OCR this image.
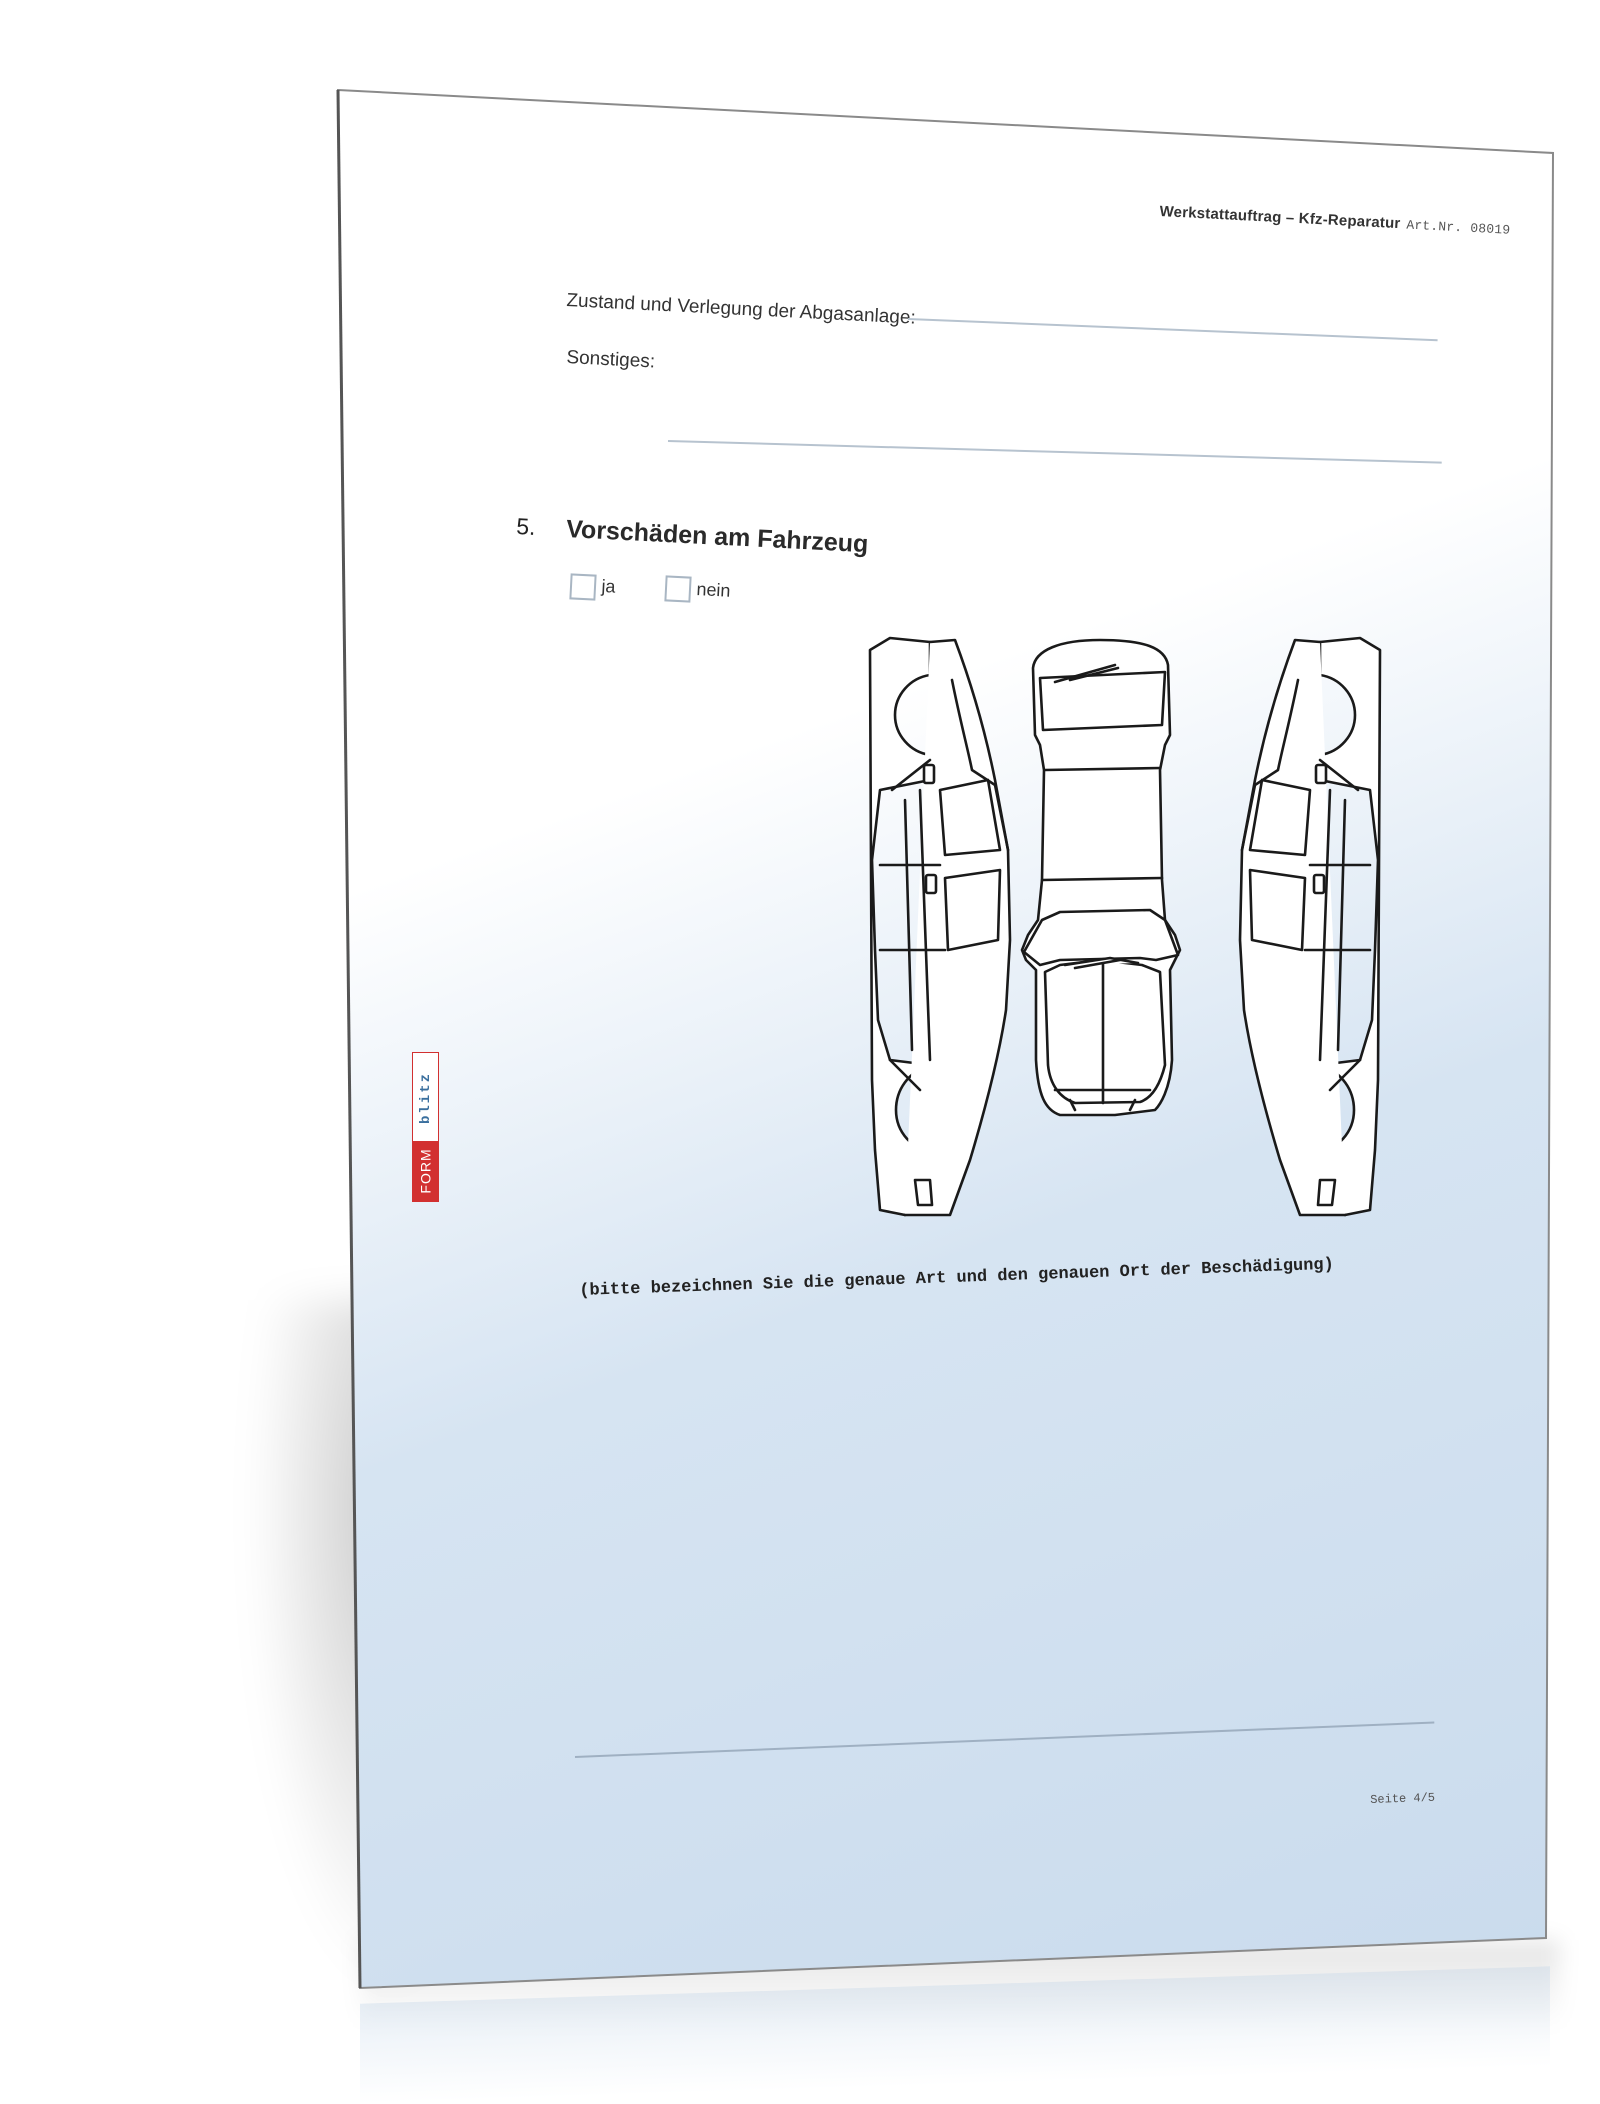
Werkstattauftrag – Kfz-Reparatur Art.Nr. 08019
Zustand und Verlegung der Abgasanlage:
Sonstiges:
5. Vorschäden am Fahrzeug
ja	nein
(bitte bezeichnen Sie die genaue Art und den genauen Ort der Beschädigung)
Seite 4/5
FORM
blitz
